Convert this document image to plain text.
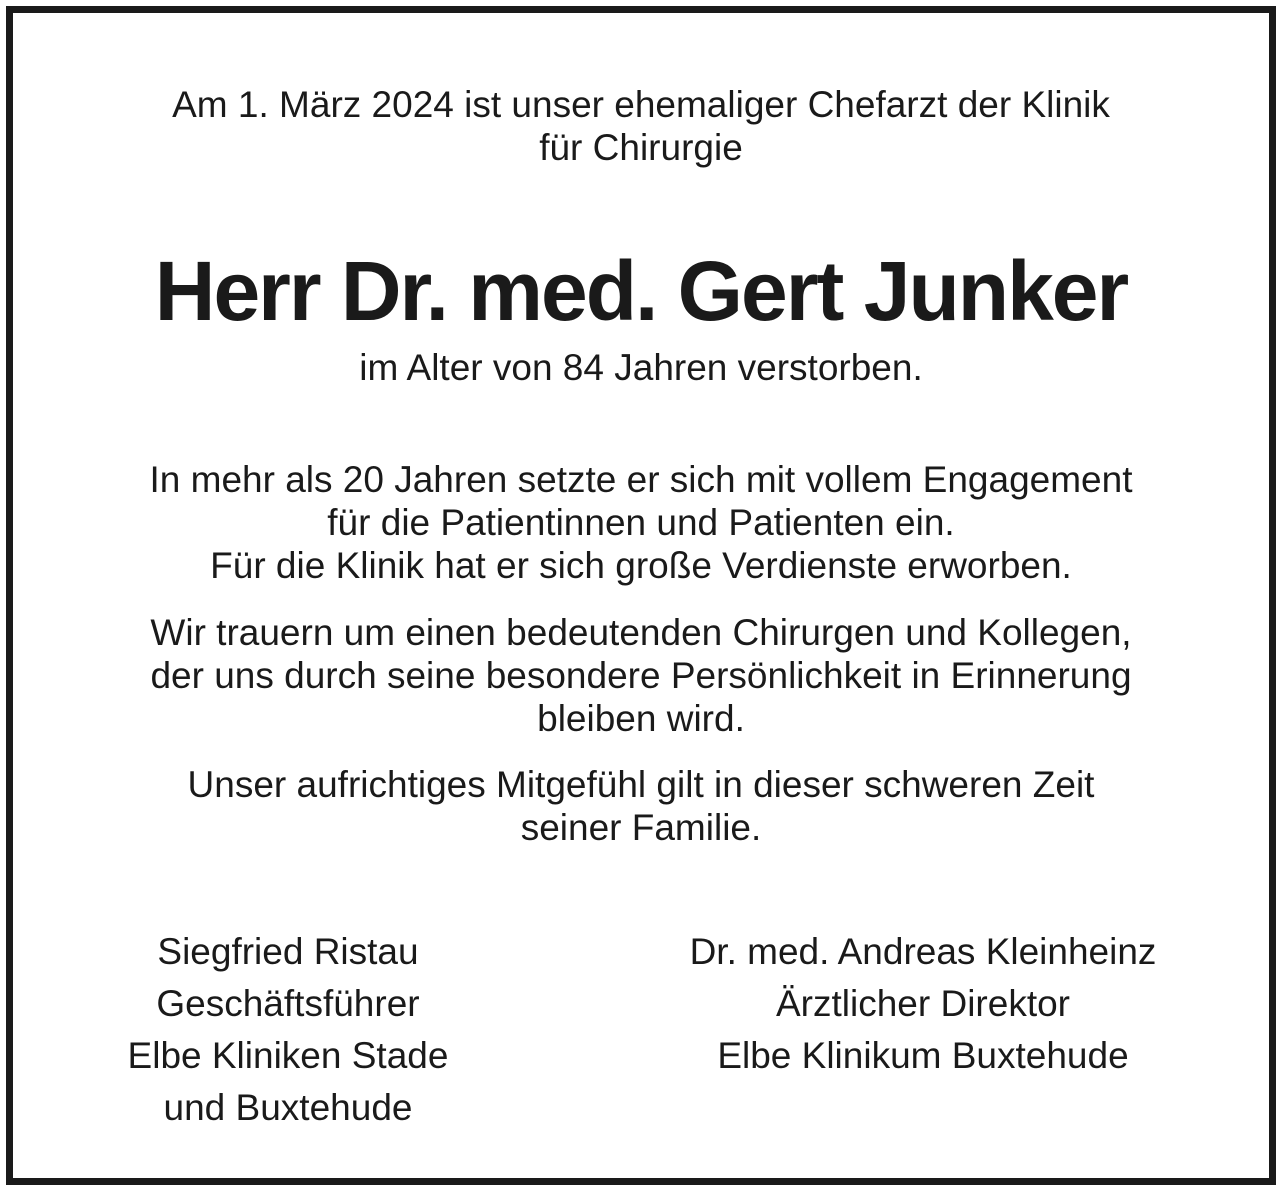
Am 1. März 2024 ist unser ehemaliger Chefarzt der Klinik
für Chirurgie
Herr Dr. med. Gert Junker
im Alter von 84 Jahren verstorben.
In mehr als 20 Jahren setzte er sich mit vollem Engagement
für die Patientinnen und Patienten ein.
Für die Klinik hat er sich große Verdienste erworben.
Wir trauern um einen bedeutenden Chirurgen und Kollegen,
der uns durch seine besondere Persönlichkeit in Erinnerung
bleiben wird.
Unser aufrichtiges Mitgefühl gilt in dieser schweren Zeit
seiner Familie.
Siegfried Ristau
Geschäftsführer
Elbe Kliniken Stade
und Buxtehude
Dr. med. Andreas Kleinheinz
Ärztlicher Direktor
Elbe Klinikum Buxtehude
